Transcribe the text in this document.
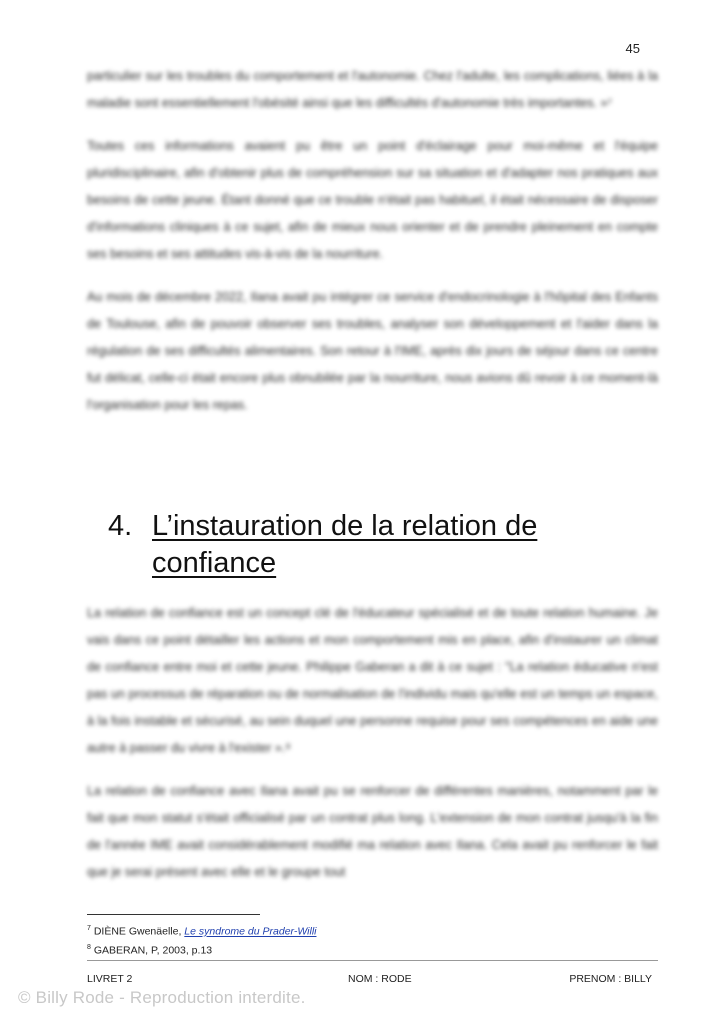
45

particulier sur les troubles du comportement et l'autonomie. Chez l'adulte, les complications, liées à la maladie sont essentiellement l'obésité ainsi que les difficultés d'autonomie très importantes. »⁷

Toutes ces informations avaient pu être un point d'éclairage pour moi-même et l'équipe pluridisciplinaire, afin d'obtenir plus de compréhension sur sa situation et d'adapter nos pratiques aux besoins de cette jeune. Étant donné que ce trouble n'était pas habituel, il était nécessaire de disposer d'informations cliniques à ce sujet, afin de mieux nous orienter et de prendre pleinement en compte ses besoins et ses attitudes vis-à-vis de la nourriture.

Au mois de décembre 2022, Ilana avait pu intégrer ce service d'endocrinologie à l'hôpital des Enfants de Toulouse, afin de pouvoir observer ses troubles, analyser son développement et l'aider dans la régulation de ses difficultés alimentaires. Son retour à l'IME, après dix jours de séjour dans ce centre fut délicat, celle-ci était encore plus obnubilée par la nourriture, nous avions dû revoir à ce moment-là l'organisation pour les repas.

4. L’instauration de la relation de confiance

La relation de confiance est un concept clé de l'éducateur spécialisé et de toute relation humaine. Je vais dans ce point détailler les actions et mon comportement mis en place, afin d'instaurer un climat de confiance entre moi et cette jeune. Philippe Gaberan a dit à ce sujet : "La relation éducative n'est pas un processus de réparation ou de normalisation de l'individu mais qu'elle est un temps un espace, à la fois instable et sécurisé, au sein duquel une personne requise pour ses compétences en aide une autre à passer du vivre à l'exister ».⁸

La relation de confiance avec Ilana avait pu se renforcer de différentes manières, notamment par le fait que mon statut s'était officialisé par un contrat plus long. L'extension de mon contrat jusqu'à la fin de l'année IME avait considérablement modifié ma relation avec Ilana. Cela avait pu renforcer le fait que je serai présent avec elle et le groupe tout

$^7$ DIÈNE Gwenäelle, Le syndrome du Prader-Willi
$^8$ GABERAN, P, 2003, p.13
LIVRET 2	NOM : RODE	PRENOM : BILLY
© Billy Rode - Reproduction interdite.
